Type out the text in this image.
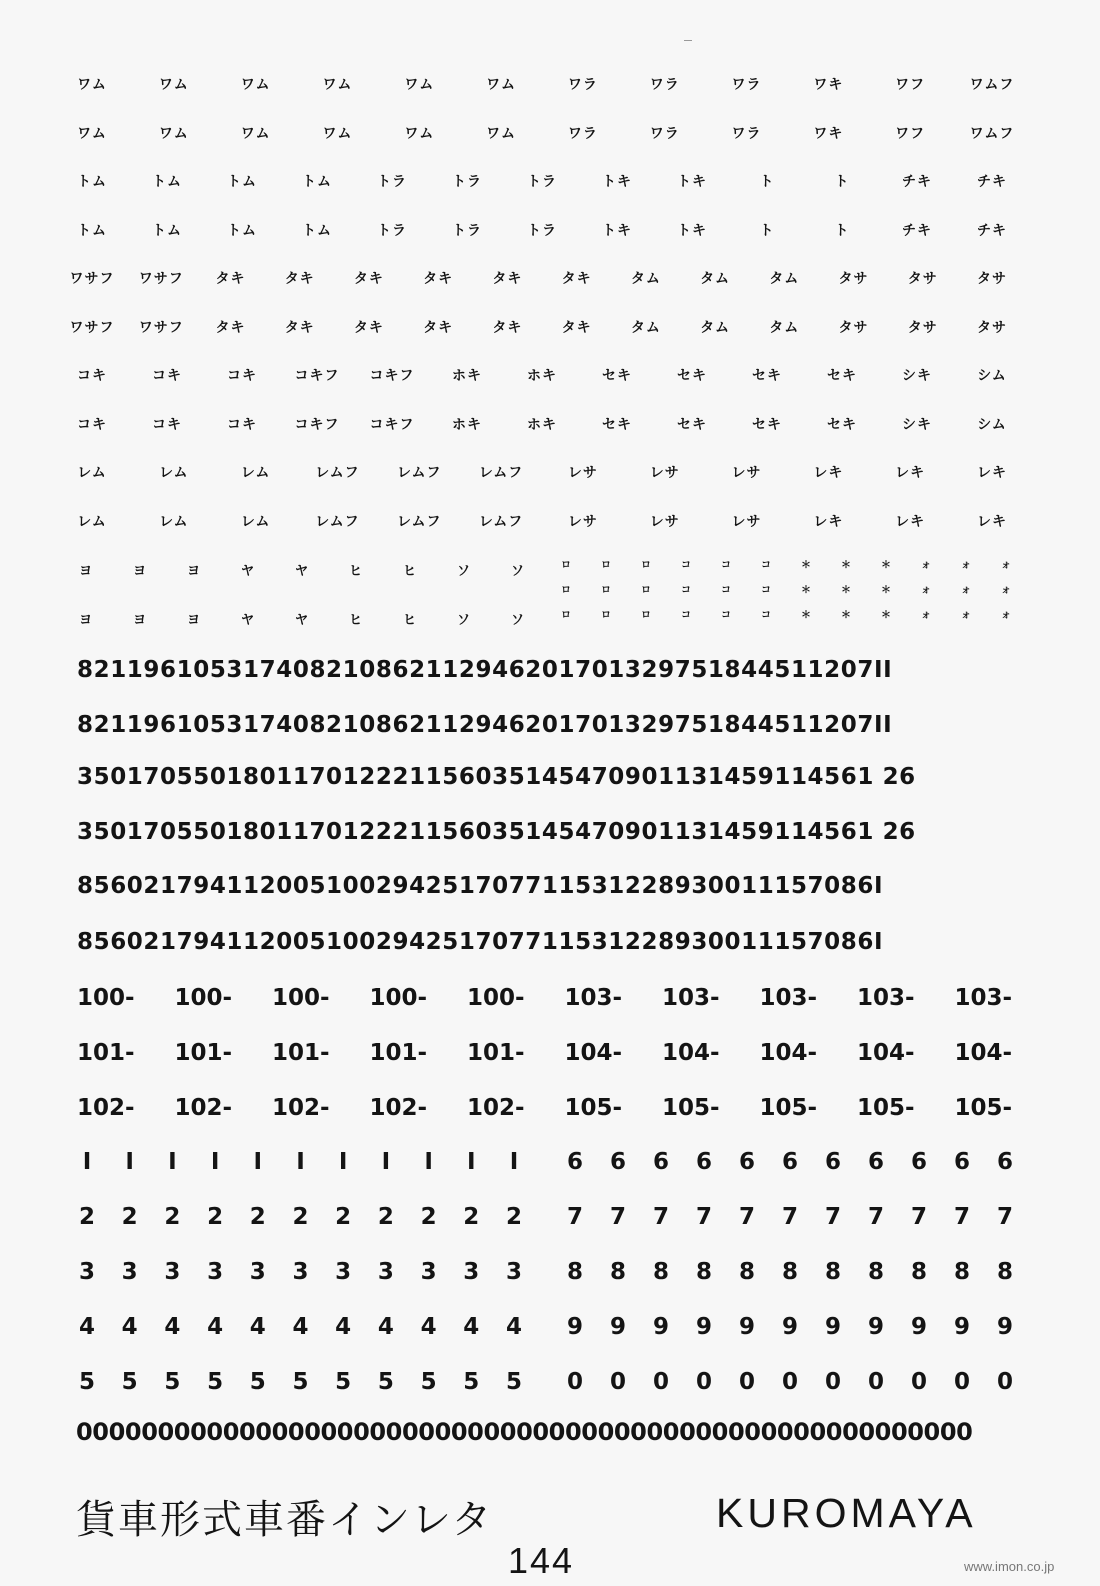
ワム	ワム	ワム	ワム	ワム	ワム	ワラ	ワラ	ワラ	ワキ	ワフ	ワムフ
ワム	ワム	ワム	ワム	ワム	ワム	ワラ	ワラ	ワラ	ワキ	ワフ	ワムフ
トム	トム	トム	トム	トラ	トラ	トラ	トキ	トキ	ト	ト	チキ	チキ
トム	トム	トム	トム	トラ	トラ	トラ	トキ	トキ	ト	ト	チキ	チキ
ワサフ	ワサフ	タキ	タキ	タキ	タキ	タキ	タキ	タム	タム	タム	タサ	タサ	タサ
ワサフ	ワサフ	タキ	タキ	タキ	タキ	タキ	タキ	タム	タム	タム	タサ	タサ	タサ
コキ	コキ	コキ	コキフ	コキフ	ホキ	ホキ	セキ	セキ	セキ	セキ	シキ	シム
コキ	コキ	コキ	コキフ	コキフ	ホキ	ホキ	セキ	セキ	セキ	セキ	シキ	シム
レム	レム	レム	レムフ	レムフ	レムフ	レサ	レサ	レサ	レキ	レキ	レキ
レム	レム	レム	レムフ	レムフ	レムフ	レサ	レサ	レサ	レキ	レキ	レキ
ヨ	ヨ	ヨ	ヤ	ヤ	ヒ	ヒ	ソ	ソ
ヨ	ヨ	ヨ	ヤ	ヤ	ヒ	ヒ	ソ	ソ
ロ	ロ	ロ	コ	コ	コ	＊	＊	＊	ォ	ォ	ォ
ロ	ロ	ロ	コ	コ	コ	＊	＊	＊	ォ	ォ	ォ
ロ	ロ	ロ	コ	コ	コ	＊	＊	＊	ォ	ォ	ォ
821196105317408210862112946201701329751844511207II
821196105317408210862112946201701329751844511207II
350170550180117012221156035145470901131459114561 26
350170550180117012221156035145470901131459114561 26
856021794112005100294251707711531228930011157086I
856021794112005100294251707711531228930011157086I
100- 100- 100- 100- 100- 103- 103- 103- 103- 103-
101- 101- 101- 101- 101- 104- 104- 104- 104- 104-
102- 102- 102- 102- 102- 105- 105- 105- 105- 105-
I	I	I	I	I	I	I	I	I	I	I	6	6	6	6	6	6	6	6	6	6	6
2	2	2	2	2	2	2	2	2	2	2	7	7	7	7	7	7	7	7	7	7	7
3	3	3	3	3	3	3	3	3	3	3	8	8	8	8	8	8	8	8	8	8	8
4	4	4	4	4	4	4	4	4	4	4	9	9	9	9	9	9	9	9	9	9	9
5	5	5	5	5	5	5	5	5	5	5	0	0	0	0	0	0	0	0	0	0	0
0000000000000000000000000000000000000000000000000000000
貨車形式車番インレタ	KUROMAYA
144	www.imon.co.jp
